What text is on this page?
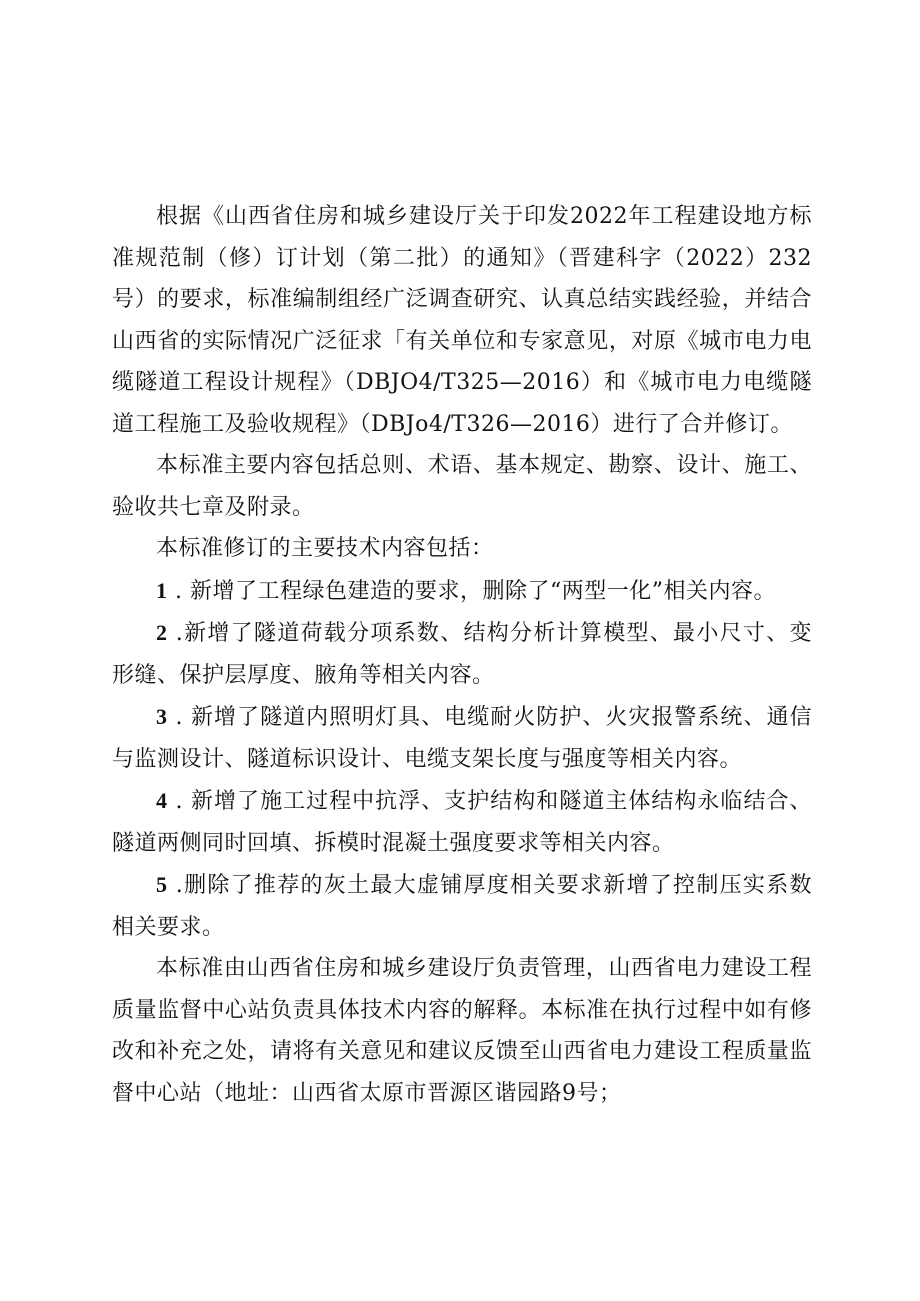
根据《山西省住房和城乡建设厅关于印发2022年工程建设地方标准规范制（修）订计划（第二批）的通知》（晋建科字（2022）232号）的要求，标准编制组经广泛调查研究、认真总结实践经验，并结合山西省的实际情况广泛征求「有关单位和专家意见，对原《城市电力电缆隧道工程设计规程》（DBJO4/T325—2016）和《城市电力电缆隧道工程施工及验收规程》（DBJo4/T326—2016）进行了合并修订。

本标准主要内容包括总则、术语、基本规定、勘察、设计、施工、验收共七章及附录。

本标准修订的主要技术内容包括：

1 . 新增了工程绿色建造的要求，删除了“两型一化”相关内容。

2 .新增了隧道荷载分项系数、结构分析计算模型、最小尺寸、变形缝、保护层厚度、腋角等相关内容。

3 . 新增了隧道内照明灯具、电缆耐火防护、火灾报警系统、通信与监测设计、隧道标识设计、电缆支架长度与强度等相关内容。

4 . 新增了施工过程中抗浮、支护结构和隧道主体结构永临结合、隧道两侧同时回填、拆模时混凝土强度要求等相关内容。

5 .删除了推荐的灰土最大虚铺厚度相关要求新增了控制压实系数相关要求。

本标准由山西省住房和城乡建设厅负责管理，山西省电力建设工程质量监督中心站负责具体技术内容的解释。本标准在执行过程中如有修改和补充之处，请将有关意见和建议反馈至山西省电力建设工程质量监督中心站（地址：山西省太原市晋源区谐园路9号；
